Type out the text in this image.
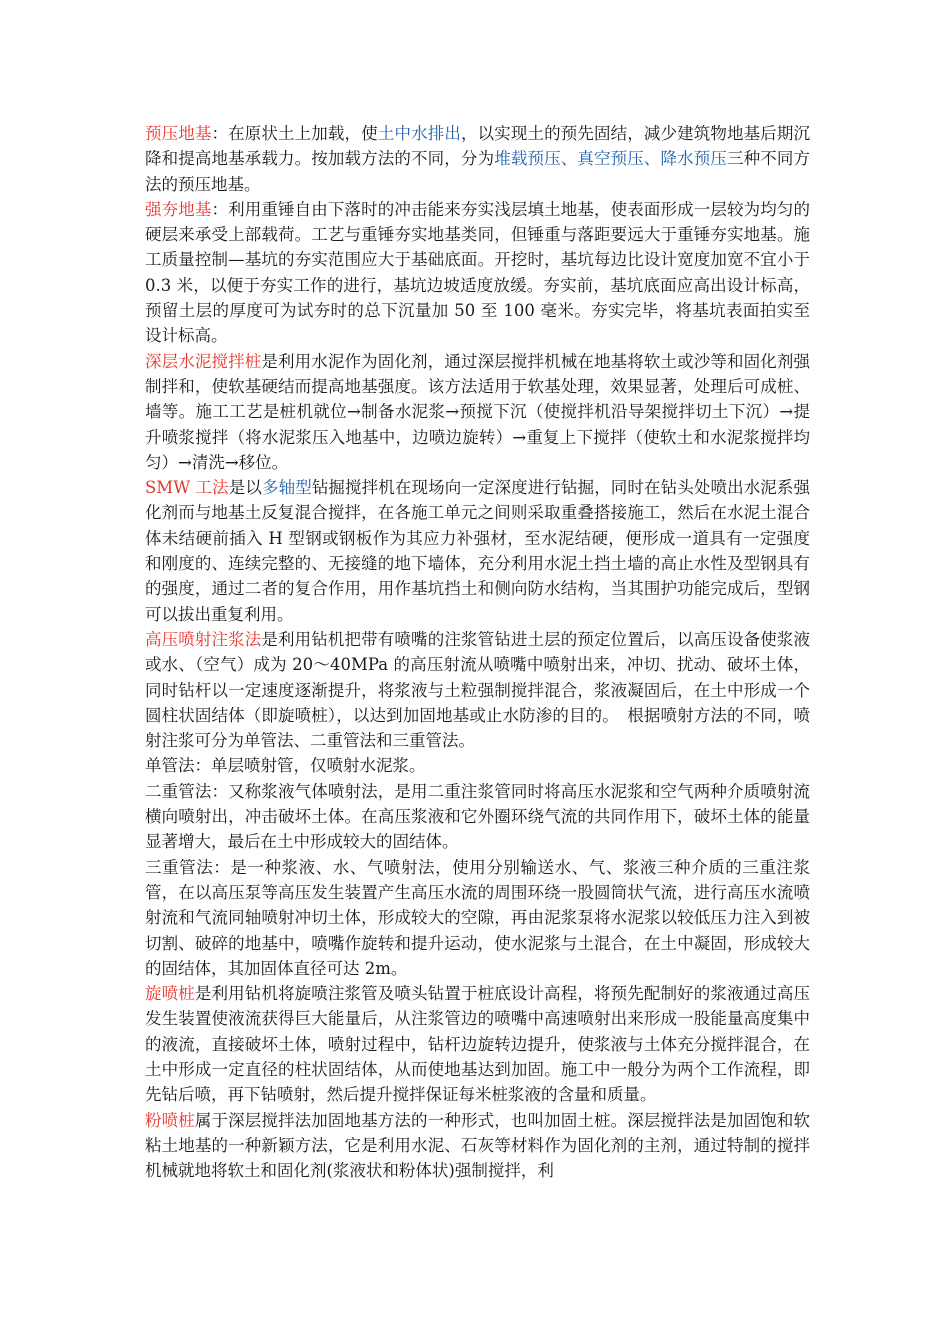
预压地基：在原状土上加载，使土中水排出，以实现土的预先固结，减少建筑物地基后期沉降和提高地基承载力。按加载方法的不同，分为堆载预压、真空预压、降水预压三种不同方法的预压地基。

强夯地基：利用重锤自由下落时的冲击能来夯实浅层填土地基，使表面形成一层较为均匀的硬层来承受上部载荷。工艺与重锤夯实地基类同，但锤重与落距要远大于重锤夯实地基。施工质量控制—基坑的夯实范围应大于基础底面。开挖时，基坑每边比设计宽度加宽不宜小于 0.3 米，以便于夯实工作的进行，基坑边坡适度放缓。夯实前，基坑底面应高出设计标高，预留土层的厚度可为试夯时的总下沉量加 50 至 100 毫米。夯实完毕，将基坑表面拍实至设计标高。

深层水泥搅拌桩是利用水泥作为固化剂，通过深层搅拌机械在地基将软土或沙等和固化剂强制拌和，使软基硬结而提高地基强度。该方法适用于软基处理，效果显著，处理后可成桩、墙等。施工工艺是桩机就位→制备水泥浆→预搅下沉（使搅拌机沿导架搅拌切土下沉）→提升喷浆搅拌（将水泥浆压入地基中，边喷边旋转）→重复上下搅拌（使软土和水泥浆搅拌均匀）→清洗→移位。

SMW 工法是以多轴型钻掘搅拌机在现场向一定深度进行钻掘，同时在钻头处喷出水泥系强化剂而与地基土反复混合搅拌，在各施工单元之间则采取重叠搭接施工，然后在水泥土混合体未结硬前插入 H 型钢或钢板作为其应力补强材，至水泥结硬，便形成一道具有一定强度和刚度的、连续完整的、无接缝的地下墙体，充分利用水泥土挡土墙的高止水性及型钢具有的强度，通过二者的复合作用，用作基坑挡土和侧向防水结构，当其围护功能完成后，型钢可以拔出重复利用。

高压喷射注浆法是利用钻机把带有喷嘴的注浆管钻进土层的预定位置后，以高压设备使浆液或水、（空气）成为 20～40MPa 的高压射流从喷嘴中喷射出来，冲切、扰动、破坏土体，同时钻杆以一定速度逐渐提升，将浆液与土粒强制搅拌混合，浆液凝固后，在土中形成一个圆柱状固结体（即旋喷桩），以达到加固地基或止水防渗的目的。　根据喷射方法的不同，喷射注浆可分为单管法、二重管法和三重管法。

单管法：单层喷射管，仅喷射水泥浆。

二重管法：又称浆液气体喷射法，是用二重注浆管同时将高压水泥浆和空气两种介质喷射流横向喷射出，冲击破坏土体。在高压浆液和它外圈环绕气流的共同作用下，破坏土体的能量显著增大，最后在土中形成较大的固结体。

三重管法：是一种浆液、水、气喷射法，使用分别输送水、气、浆液三种介质的三重注浆管，在以高压泵等高压发生装置产生高压水流的周围环绕一股圆筒状气流，进行高压水流喷射流和气流同轴喷射冲切土体，形成较大的空隙，再由泥浆泵将水泥浆以较低压力注入到被切割、破碎的地基中，喷嘴作旋转和提升运动，使水泥浆与土混合，在土中凝固，形成较大的固结体，其加固体直径可达 2m。

旋喷桩是利用钻机将旋喷注浆管及喷头钻置于桩底设计高程，将预先配制好的浆液通过高压发生装置使液流获得巨大能量后，从注浆管边的喷嘴中高速喷射出来形成一股能量高度集中的液流，直接破坏土体，喷射过程中，钻杆边旋转边提升，使浆液与土体充分搅拌混合，在土中形成一定直径的柱状固结体，从而使地基达到加固。施工中一般分为两个工作流程，即先钻后喷，再下钻喷射，然后提升搅拌保证每米桩浆液的含量和质量。

粉喷桩属于深层搅拌法加固地基方法的一种形式，也叫加固土桩。深层搅拌法是加固饱和软粘土地基的一种新颖方法，它是利用水泥、石灰等材料作为固化剂的主剂，通过特制的搅拌机械就地将软土和固化剂(浆液状和粉体状)强制搅拌，利
